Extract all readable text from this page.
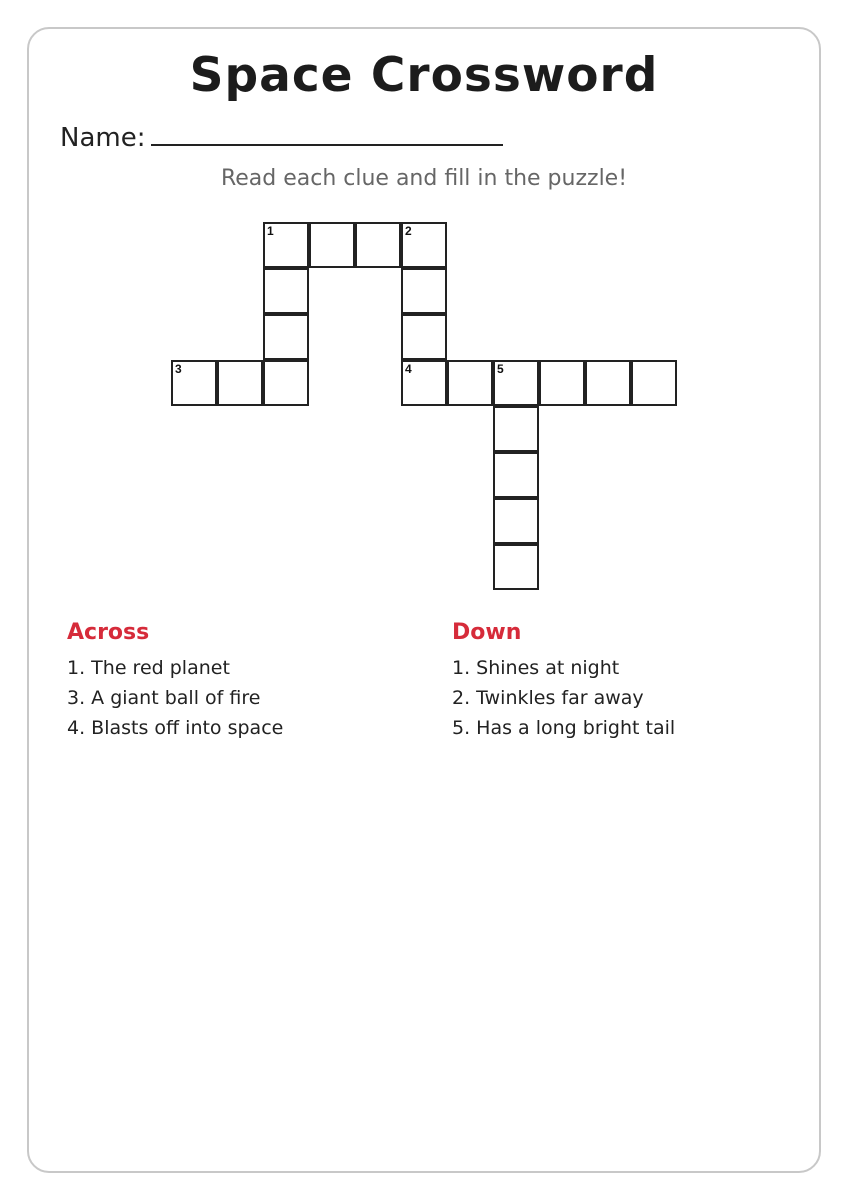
Space Crossword
Name:
Read each clue and fill in the puzzle!
1	2
3	4	5
Across
1. The red planet
3. A giant ball of fire
4. Blasts off into space
Down
1. Shines at night
2. Twinkles far away
5. Has a long bright tail
